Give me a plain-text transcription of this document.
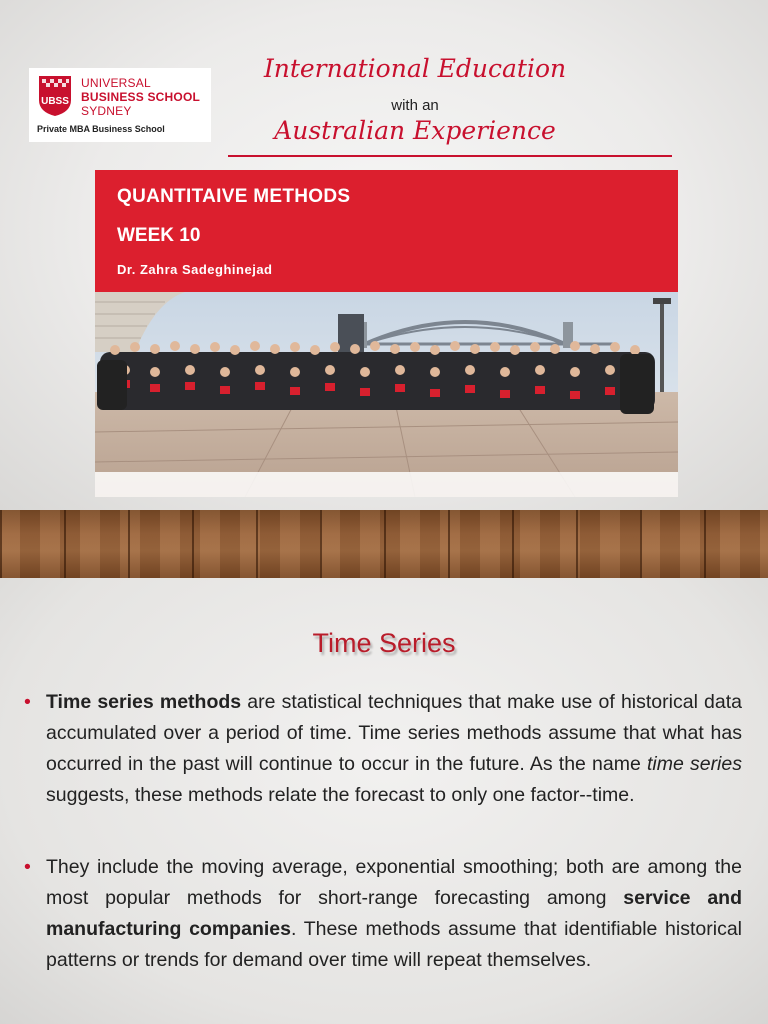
UBSS
UNIVERSAL
BUSINESS SCHOOL
SYDNEY
Private MBA Business School
International Education
with an
Australian Experience
QUANTITAIVE METHODS
WEEK 10
Dr. Zahra Sadeghinejad
Time Series
• Time series methods are statistical techniques that make use of historical data accumulated over a period of time. Time series methods assume that what has occurred in the past will continue to occur in the future. As the name time series suggests, these methods relate the forecast to only one factor--time.
• They include the moving average, exponential smoothing; both are among the most popular methods for short-range forecasting among service and manufacturing companies. These methods assume that identifiable historical patterns or trends for demand over time will repeat themselves.
